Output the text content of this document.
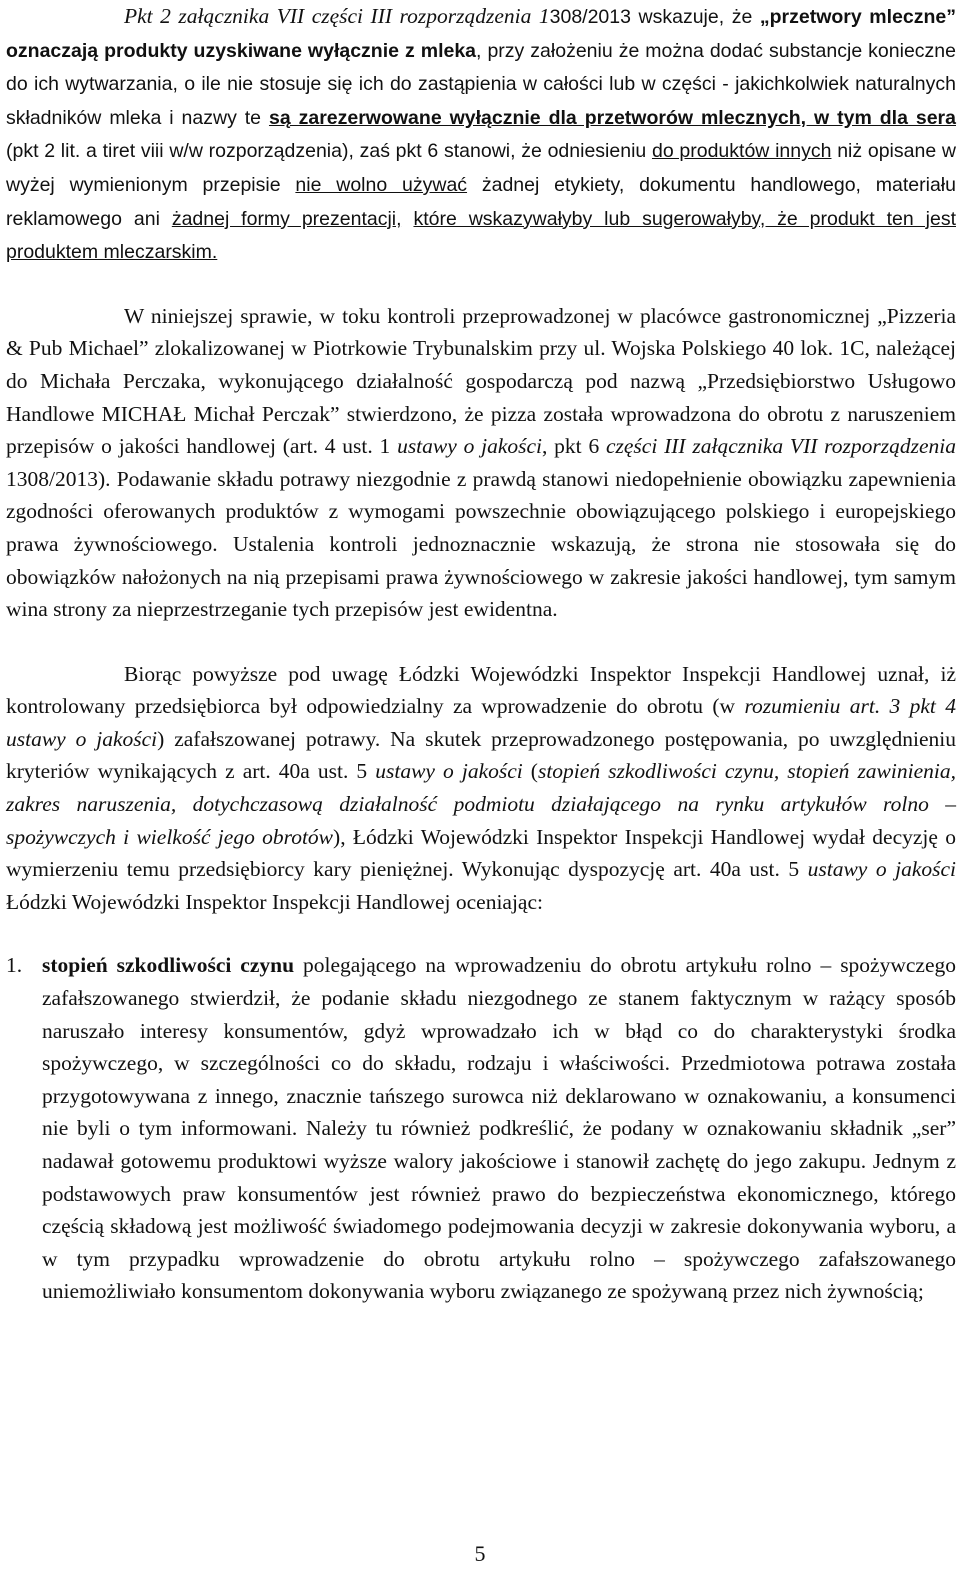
Pkt 2 załącznika VII części III rozporządzenia 1308/2013 wskazuje, że „przetwory mleczne” oznaczają produkty uzyskiwane wyłącznie z mleka, przy założeniu że można dodać substancje konieczne do ich wytwarzania, o ile nie stosuje się ich do zastąpienia w całości lub w części - jakichkolwiek naturalnych składników mleka i nazwy te są zarezerwowane wyłącznie dla przetworów mlecznych, w tym dla sera (pkt 2 lit. a tiret viii w/w rozporządzenia), zaś pkt 6 stanowi, że odniesieniu do produktów innych niż opisane w wyżej wymienionym przepisie nie wolno używać żadnej etykiety, dokumentu handlowego, materiału reklamowego ani żadnej formy prezentacji, które wskazywałyby lub sugerowałyby, że produkt ten jest produktem mleczarskim.

W niniejszej sprawie, w toku kontroli przeprowadzonej w placówce gastronomicznej „Pizzeria & Pub Michael” zlokalizowanej w Piotrkowie Trybunalskim przy ul. Wojska Polskiego 40 lok. 1C, należącej do Michała Perczaka, wykonującego działalność gospodarczą pod nazwą „Przedsiębiorstwo Usługowo Handlowe MICHAŁ Michał Perczak” stwierdzono, że pizza została wprowadzona do obrotu z naruszeniem przepisów o jakości handlowej (art. 4 ust. 1 ustawy o jakości, pkt 6 części III załącznika VII rozporządzenia 1308/2013). Podawanie składu potrawy niezgodnie z prawdą stanowi niedopełnienie obowiązku zapewnienia zgodności oferowanych produktów z wymogami powszechnie obowiązującego polskiego i europejskiego prawa żywnościowego. Ustalenia kontroli jednoznacznie wskazują, że strona nie stosowała się do obowiązków nałożonych na nią przepisami prawa żywnościowego w zakresie jakości handlowej, tym samym wina strony za nieprzestrzeganie tych przepisów jest ewidentna.

Biorąc powyższe pod uwagę Łódzki Wojewódzki Inspektor Inspekcji Handlowej uznał, iż kontrolowany przedsiębiorca był odpowiedzialny za wprowadzenie do obrotu (w rozumieniu art. 3 pkt 4 ustawy o jakości) zafałszowanej potrawy. Na skutek przeprowadzonego postępowania, po uwzględnieniu kryteriów wynikających z art. 40a ust. 5 ustawy o jakości (stopień szkodliwości czynu, stopień zawinienia, zakres naruszenia, dotychczasową działalność podmiotu działającego na rynku artykułów rolno – spożywczych i wielkość jego obrotów), Łódzki Wojewódzki Inspektor Inspekcji Handlowej wydał decyzję o wymierzeniu temu przedsiębiorcy kary pieniężnej. Wykonując dyspozycję art. 40a ust. 5 ustawy o jakości Łódzki Wojewódzki Inspektor Inspekcji Handlowej oceniając:

1. stopień szkodliwości czynu polegającego na wprowadzeniu do obrotu artykułu rolno – spożywczego zafałszowanego stwierdził, że podanie składu niezgodnego ze stanem faktycznym w rażący sposób naruszało interesy konsumentów, gdyż wprowadzało ich w błąd co do charakterystyki środka spożywczego, w szczególności co do składu, rodzaju i właściwości. Przedmiotowa potrawa została przygotowywana z innego, znacznie tańszego surowca niż deklarowano w oznakowaniu, a konsumenci nie byli o tym informowani. Należy tu również podkreślić, że podany w oznakowaniu składnik „ser” nadawał gotowemu produktowi wyższe walory jakościowe i stanowił zachętę do jego zakupu. Jednym z podstawowych praw konsumentów jest również prawo do bezpieczeństwa ekonomicznego, którego częścią składową jest możliwość świadomego podejmowania decyzji w zakresie dokonywania wyboru, a w tym przypadku wprowadzenie do obrotu artykułu rolno – spożywczego zafałszowanego uniemożliwiało konsumentom dokonywania wyboru związanego ze spożywaną przez nich żywnością;
5
